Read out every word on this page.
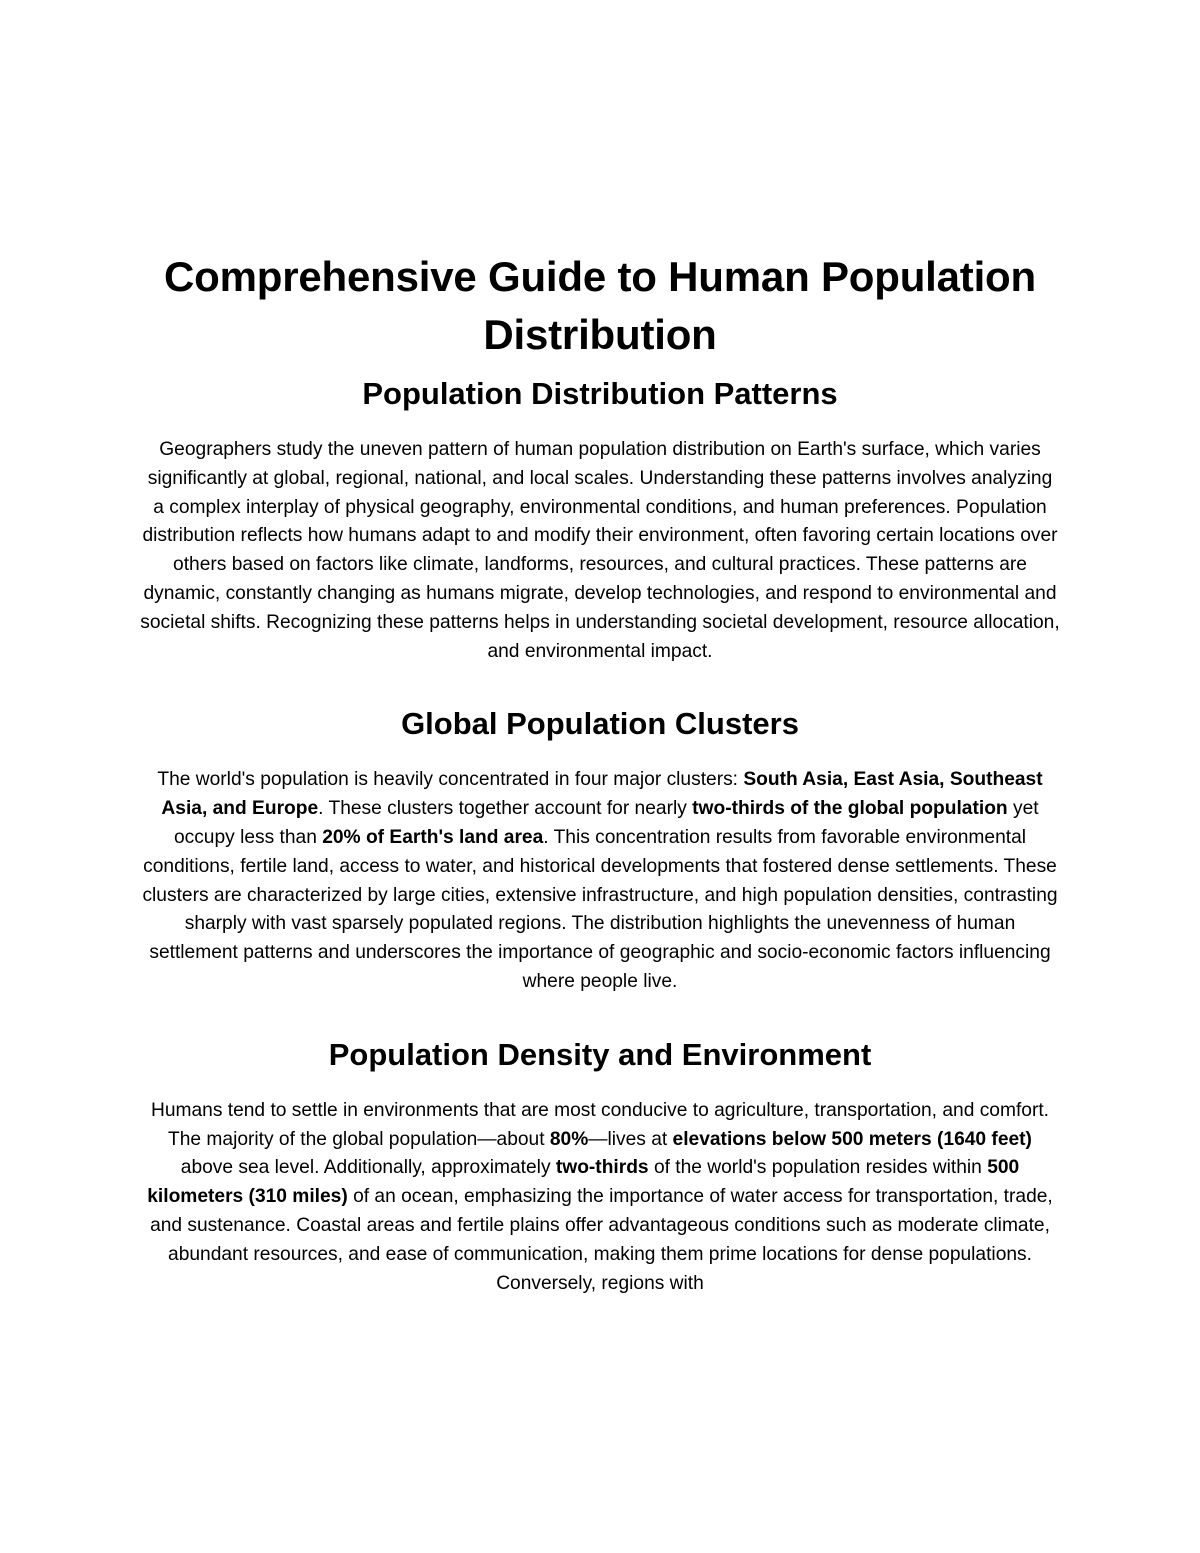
Comprehensive Guide to Human Population Distribution
Population Distribution Patterns

Geographers study the uneven pattern of human population distribution on Earth's surface, which varies significantly at global, regional, national, and local scales. Understanding these patterns involves analyzing a complex interplay of physical geography, environmental conditions, and human preferences. Population distribution reflects how humans adapt to and modify their environment, often favoring certain locations over others based on factors like climate, landforms, resources, and cultural practices. These patterns are dynamic, constantly changing as humans migrate, develop technologies, and respond to environmental and societal shifts. Recognizing these patterns helps in understanding societal development, resource allocation, and environmental impact.

Global Population Clusters

The world's population is heavily concentrated in four major clusters: South Asia, East Asia, Southeast Asia, and Europe. These clusters together account for nearly two-thirds of the global population yet occupy less than 20% of Earth's land area. This concentration results from favorable environmental conditions, fertile land, access to water, and historical developments that fostered dense settlements. These clusters are characterized by large cities, extensive infrastructure, and high population densities, contrasting sharply with vast sparsely populated regions. The distribution highlights the unevenness of human settlement patterns and underscores the importance of geographic and socio-economic factors influencing where people live.

Population Density and Environment

Humans tend to settle in environments that are most conducive to agriculture, transportation, and comfort. The majority of the global population—about 80%—lives at elevations below 500 meters (1640 feet) above sea level. Additionally, approximately two-thirds of the world's population resides within 500 kilometers (310 miles) of an ocean, emphasizing the importance of water access for transportation, trade, and sustenance. Coastal areas and fertile plains offer advantageous conditions such as moderate climate, abundant resources, and ease of communication, making them prime locations for dense populations. Conversely, regions with
